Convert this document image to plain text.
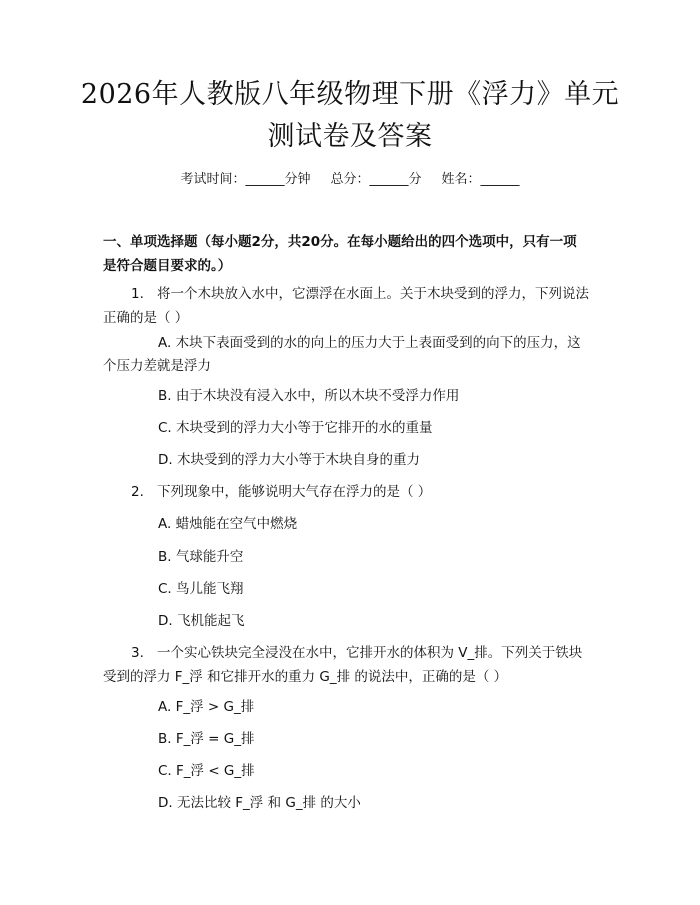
2026年人教版八年级物理下册《浮力》单元
测试卷及答案
考试时间：______分钟 总分：______分 姓名：______
一、单项选择题（每小题2分，共20分。在每小题给出的四个选项中，只有一项
是符合题目要求的。）
1. 将一个木块放入水中，它漂浮在水面上。关于木块受到的浮力，下列说法
正确的是（ ）
A. 木块下表面受到的水的向上的压力大于上表面受到的向下的压力，这
个压力差就是浮力
B. 由于木块没有浸入水中，所以木块不受浮力作用
C. 木块受到的浮力大小等于它排开的水的重量
D. 木块受到的浮力大小等于木块自身的重力
2. 下列现象中，能够说明大气存在浮力的是（ ）
A. 蜡烛能在空气中燃烧
B. 气球能升空
C. 鸟儿能飞翔
D. 飞机能起飞
3. 一个实心铁块完全浸没在水中，它排开水的体积为 V_排。下列关于铁块
受到的浮力 F_浮 和它排开水的重力 G_排 的说法中，正确的是（ ）
A. F_浮 > G_排
B. F_浮 = G_排
C. F_浮 < G_排
D. 无法比较 F_浮 和 G_排 的大小
